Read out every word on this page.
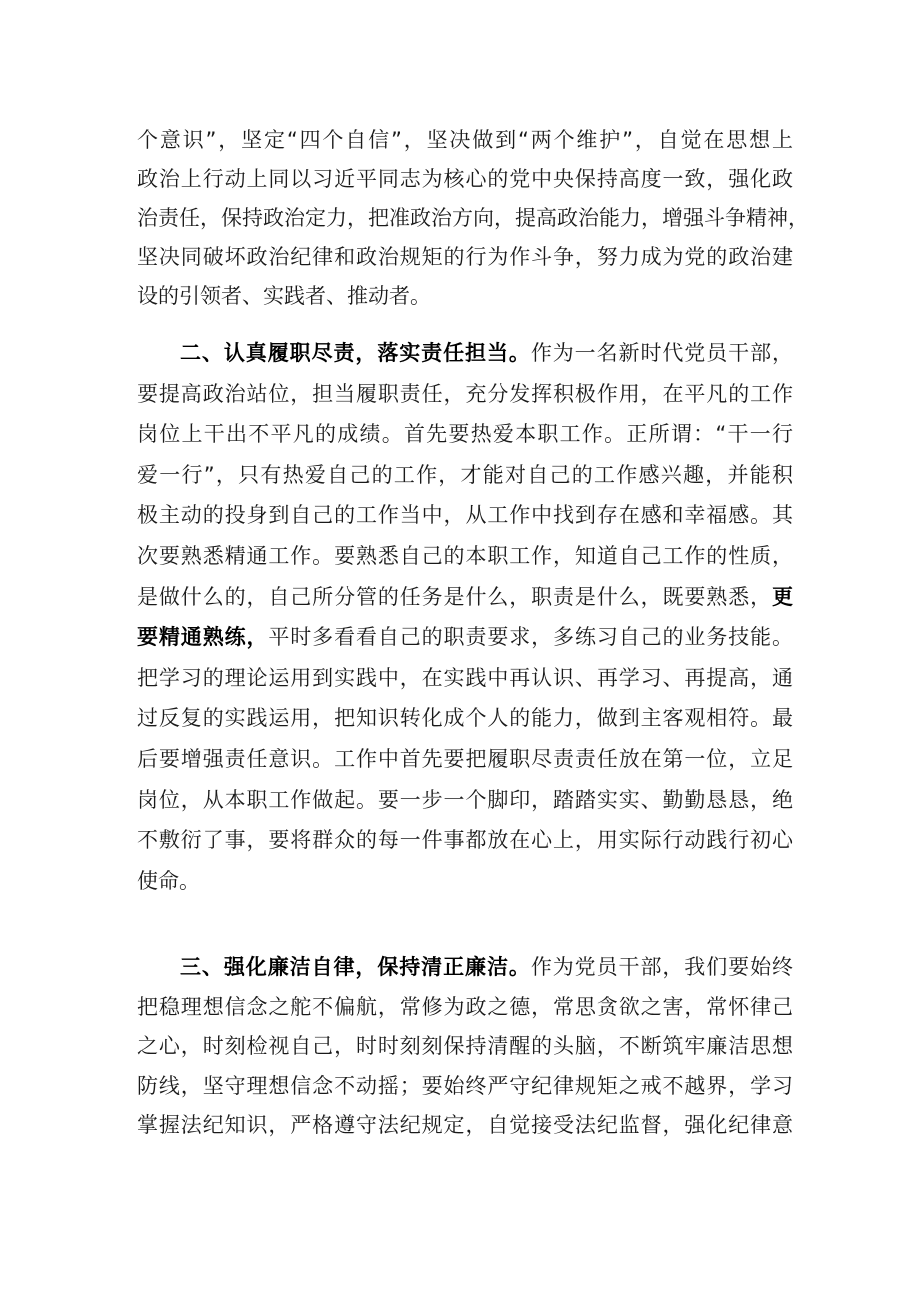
个意识”，坚定“四个自信”，坚决做到“两个维护”，自觉在思想上
政治上行动上同以习近平同志为核心的党中央保持高度一致，强化政
治责任，保持政治定力，把准政治方向，提高政治能力，增强斗争精神，
坚决同破坏政治纪律和政治规矩的行为作斗争，努力成为党的政治建
设的引领者、实践者、推动者。
二、认真履职尽责，落实责任担当。作为一名新时代党员干部，
要提高政治站位，担当履职责任，充分发挥积极作用，在平凡的工作
岗位上干出不平凡的成绩。首先要热爱本职工作。正所谓：“干一行
爱一行”，只有热爱自己的工作，才能对自己的工作感兴趣，并能积
极主动的投身到自己的工作当中，从工作中找到存在感和幸福感。其
次要熟悉精通工作。要熟悉自己的本职工作，知道自己工作的性质，
是做什么的，自己所分管的任务是什么，职责是什么，既要熟悉，更
要精通熟练，平时多看看自己的职责要求，多练习自己的业务技能。
把学习的理论运用到实践中，在实践中再认识、再学习、再提高，通
过反复的实践运用，把知识转化成个人的能力，做到主客观相符。最
后要增强责任意识。工作中首先要把履职尽责责任放在第一位，立足
岗位，从本职工作做起。要一步一个脚印，踏踏实实、勤勤恳恳，绝
不敷衍了事，要将群众的每一件事都放在心上，用实际行动践行初心
使命。
三、强化廉洁自律，保持清正廉洁。作为党员干部，我们要始终
把稳理想信念之舵不偏航，常修为政之德，常思贪欲之害，常怀律己
之心，时刻检视自己，时时刻刻保持清醒的头脑，不断筑牢廉洁思想
防线，坚守理想信念不动摇；要始终严守纪律规矩之戒不越界，学习
掌握法纪知识，严格遵守法纪规定，自觉接受法纪监督，强化纪律意
